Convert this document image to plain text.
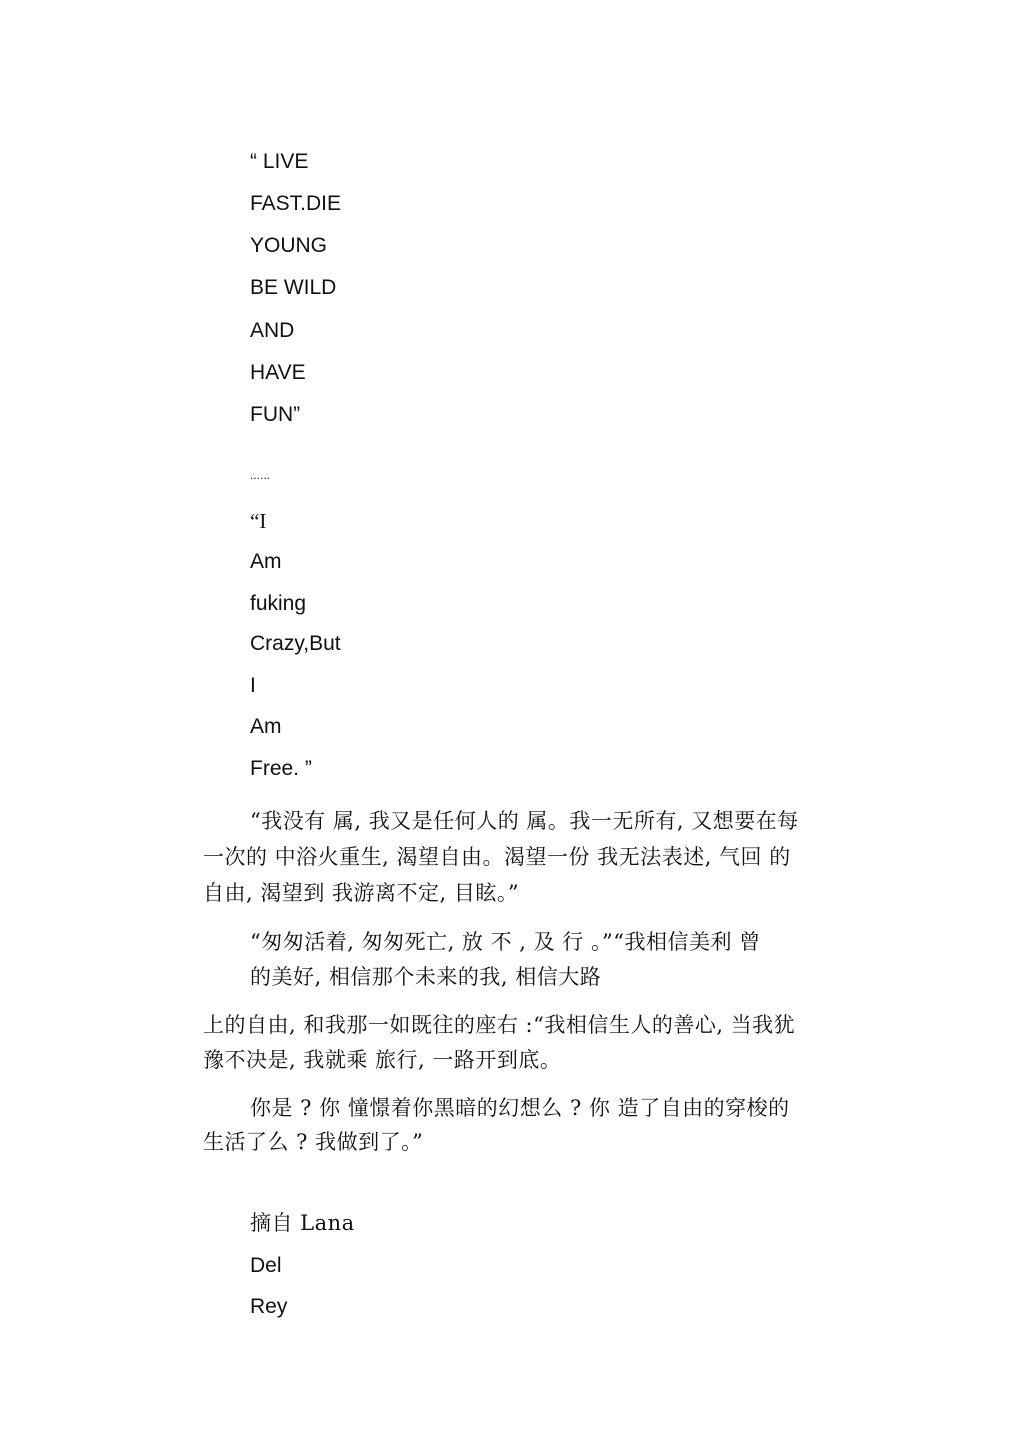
“ LIVE
FAST.DIE
YOUNG
BE WILD
AND
HAVE
FUN”
......
“I
Am
fuking
Crazy,But
I
Am
Free. ”
“我没有 属, 我又是任何人的 属。我一无所有, 又想要在每
一次的 中浴火重生, 渴望自由。渴望一份 我无法表述, 气回 的
自由, 渴望到 我游离不定, 目眩。”
“匆匆活着, 匆匆死亡, 放 不 , 及 行 。”“我相信美利 曾
的美好, 相信那个未来的我, 相信大路
上的自由, 和我那一如既往的座右 :“我相信生人的善心, 当我犹
豫不决是, 我就乘 旅行, 一路开到底。
你是 ? 你 憧憬着你黑暗的幻想么 ? 你 造了自由的穿梭的
生活了么 ? 我做到了。”
摘自 Lana
Del
Rey
